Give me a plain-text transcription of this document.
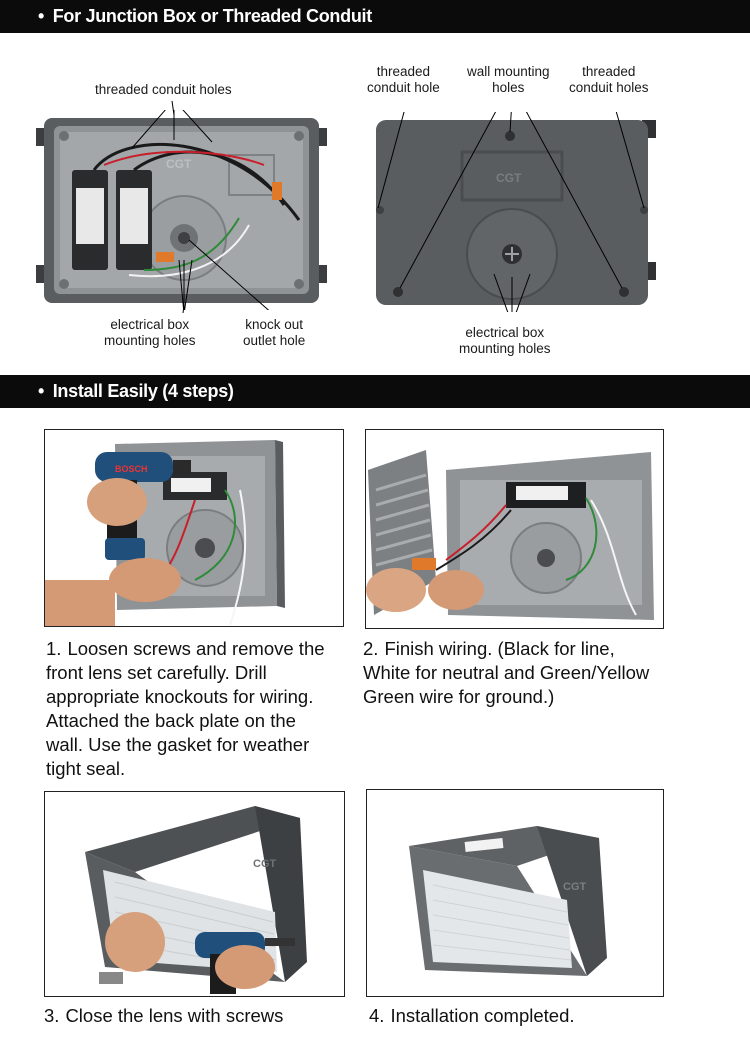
• For Junction Box or Threaded Conduit
CGT
threaded conduit holes
electrical box
mounting holes
knock out
outlet hole
CGT
threaded
conduit hole
wall mounting
holes
threaded
conduit holes
electrical box
mounting holes
• Install Easily (4 steps)
BOSCH
1. Loosen screws and remove the front lens set carefully. Drill appropriate knockouts for wiring. Attached the back plate on the wall. Use the gasket for weather tight seal.
2. Finish wiring. (Black for line, White for neutral and Green/Yellow Green wire for ground.)
CGT
CGT
3. Close the lens with screws	4. Installation completed.
